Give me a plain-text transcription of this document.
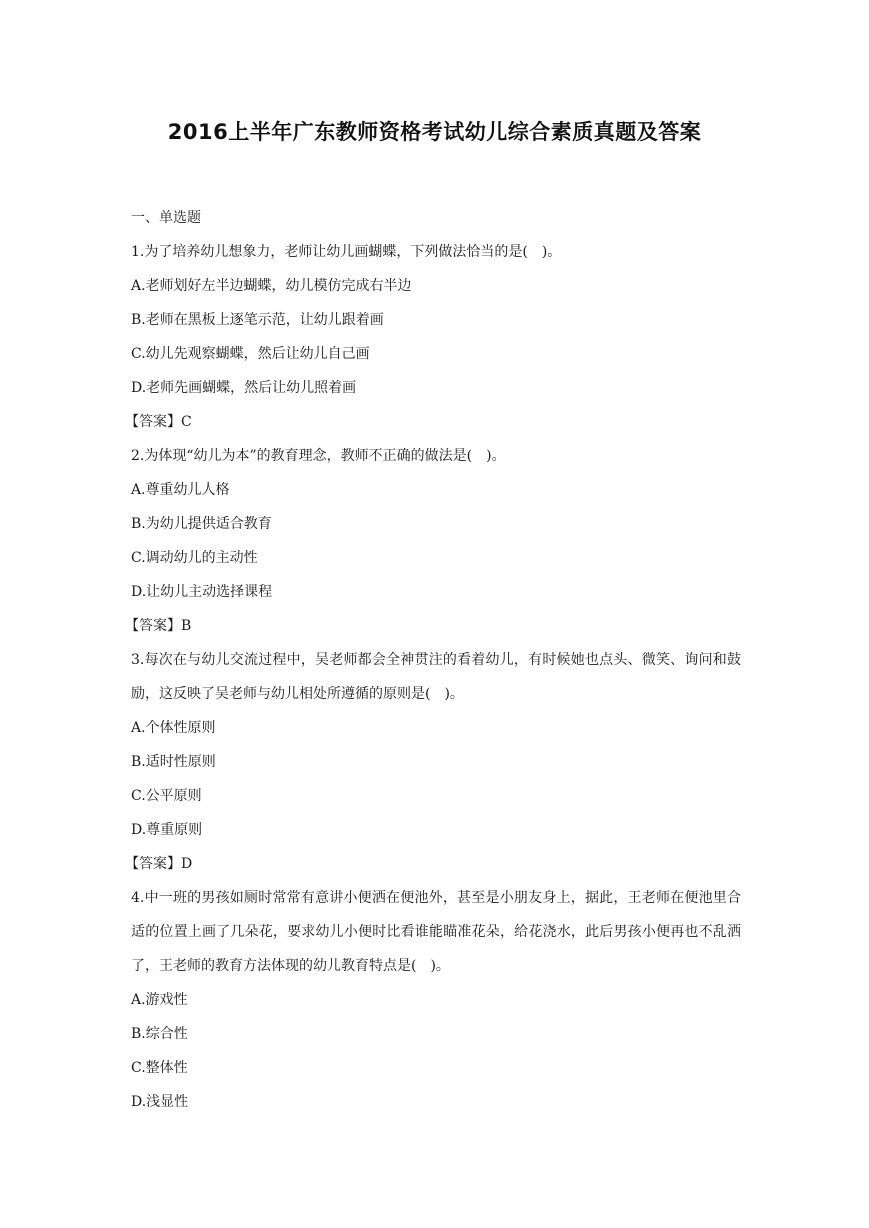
2016上半年广东教师资格考试幼儿综合素质真题及答案

一、单选题

1.为了培养幼儿想象力，老师让幼儿画蝴蝶，下列做法恰当的是(　)。

A.老师划好左半边蝴蝶，幼儿模仿完成右半边

B.老师在黑板上逐笔示范，让幼儿跟着画

C.幼儿先观察蝴蝶，然后让幼儿自己画

D.老师先画蝴蝶，然后让幼儿照着画

【答案】C

2.为体现“幼儿为本”的教育理念，教师不正确的做法是(　)。

A.尊重幼儿人格

B.为幼儿提供适合教育

C.调动幼儿的主动性

D.让幼儿主动选择课程

【答案】B

3.每次在与幼儿交流过程中，吴老师都会全神贯注的看着幼儿，有时候她也点头、微笑、询问和鼓励，这反映了吴老师与幼儿相处所遵循的原则是(　)。

A.个体性原则

B.适时性原则

C.公平原则

D.尊重原则

【答案】D

4.中一班的男孩如厕时常常有意讲小便洒在便池外，甚至是小朋友身上，据此，王老师在便池里合适的位置上画了几朵花，要求幼儿小便时比看谁能瞄准花朵，给花浇水，此后男孩小便再也不乱洒了，王老师的教育方法体现的幼儿教育特点是(　)。

A.游戏性

B.综合性

C.整体性

D.浅显性
